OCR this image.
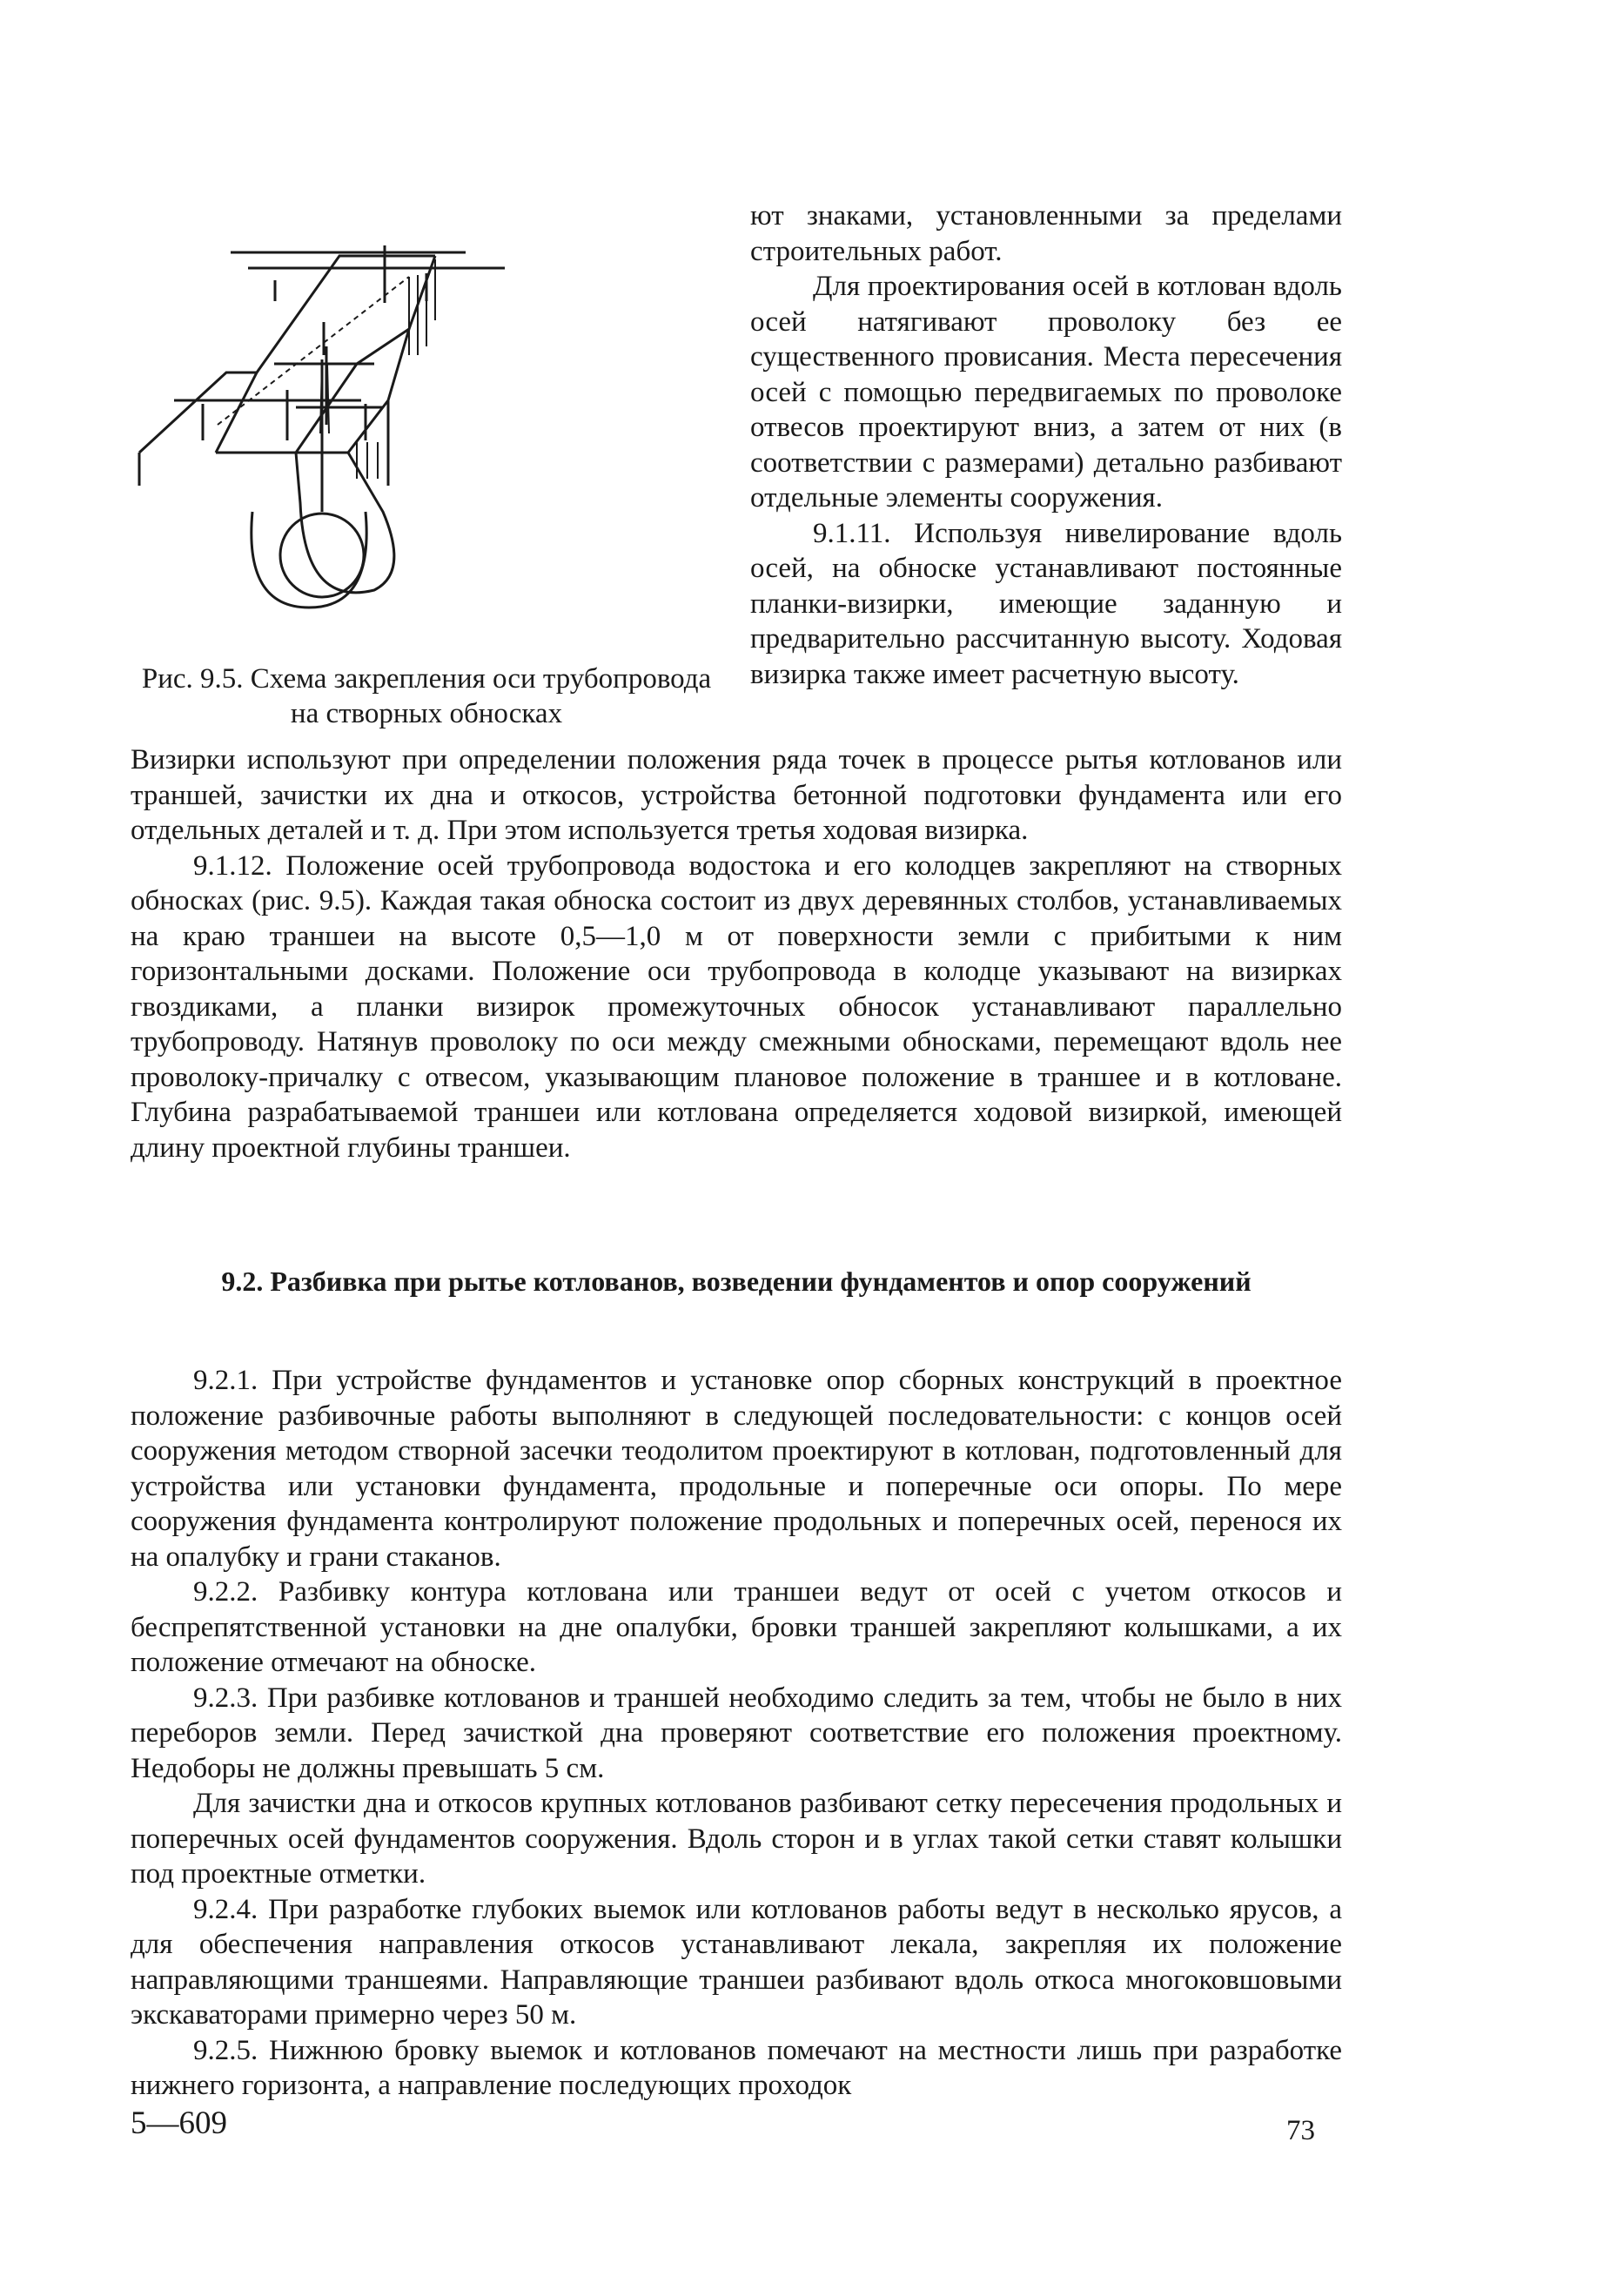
Рис. 9.5. Схема закрепления оси трубопровода на створных обносках

ют знаками, установленными за пределами строительных работ.

Для проектирования осей в котлован вдоль осей натягивают проволоку без ее существенного провисания. Места пересечения осей с помощью передвигаемых по проволоке отвесов проектируют вниз, а затем от них (в соответствии с размерами) детально разбивают отдельные элементы сооружения.

9.1.11. Используя нивелирование вдоль осей, на обноске устанавливают постоянные планки-визирки, имеющие заданную и предварительно рассчитанную высоту. Ходовая визирка также имеет расчетную высоту.

Визирки используют при определении положения ряда точек в процессе рытья котлованов или траншей, зачистки их дна и откосов, устройства бетонной подготовки фундамента или его отдельных деталей и т. д. При этом используется третья ходовая визирка.

9.1.12. Положение осей трубопровода водостока и его колодцев закрепляют на створных обносках (рис. 9.5). Каждая такая обноска состоит из двух деревянных столбов, устанавливаемых на краю траншеи на высоте 0,5—1,0 м от поверхности земли с прибитыми к ним горизонтальными досками. Положение оси трубопровода в колодце указывают на визирках гвоздиками, а планки визирок промежуточных обносок устанавливают параллельно трубопроводу. Натянув проволоку по оси между смежными обносками, перемещают вдоль нее проволоку-причалку с отвесом, указывающим плановое положение в траншее и в котловане. Глубина разрабатываемой траншеи или котлована определяется ходовой визиркой, имеющей длину проектной глубины траншеи.

9.2. Разбивка при рытье котлованов, возведении фундаментов и опор сооружений

9.2.1. При устройстве фундаментов и установке опор сборных конструкций в проектное положение разбивочные работы выполняют в следующей последовательности: с концов осей сооружения методом створной засечки теодолитом проектируют в котлован, подготовленный для устройства или установки фундамента, продольные и поперечные оси опоры. По мере сооружения фундамента контролируют положение продольных и поперечных осей, перенося их на опалубку и грани стаканов.

9.2.2. Разбивку контура котлована или траншеи ведут от осей с учетом откосов и беспрепятственной установки на дне опалубки, бровки траншей закрепляют колышками, а их положение отмечают на обноске.

9.2.3. При разбивке котлованов и траншей необходимо следить за тем, чтобы не было в них переборов земли. Перед зачисткой дна проверяют соответствие его положения проектному. Недоборы не должны превышать 5 см.

Для зачистки дна и откосов крупных котлованов разбивают сетку пересечения продольных и поперечных осей фундаментов сооружения. Вдоль сторон и в углах такой сетки ставят колышки под проектные отметки.

9.2.4. При разработке глубоких выемок или котлованов работы ведут в несколько ярусов, а для обеспечения направления откосов устанавливают лекала, закрепляя их положение направляющими траншеями. Направляющие траншеи разбивают вдоль откоса многоковшовыми экскаваторами примерно через 50 м.

9.2.5. Нижнюю бровку выемок и котлованов помечают на местности лишь при разработке нижнего горизонта, а направление последующих проходок

5—609	73
